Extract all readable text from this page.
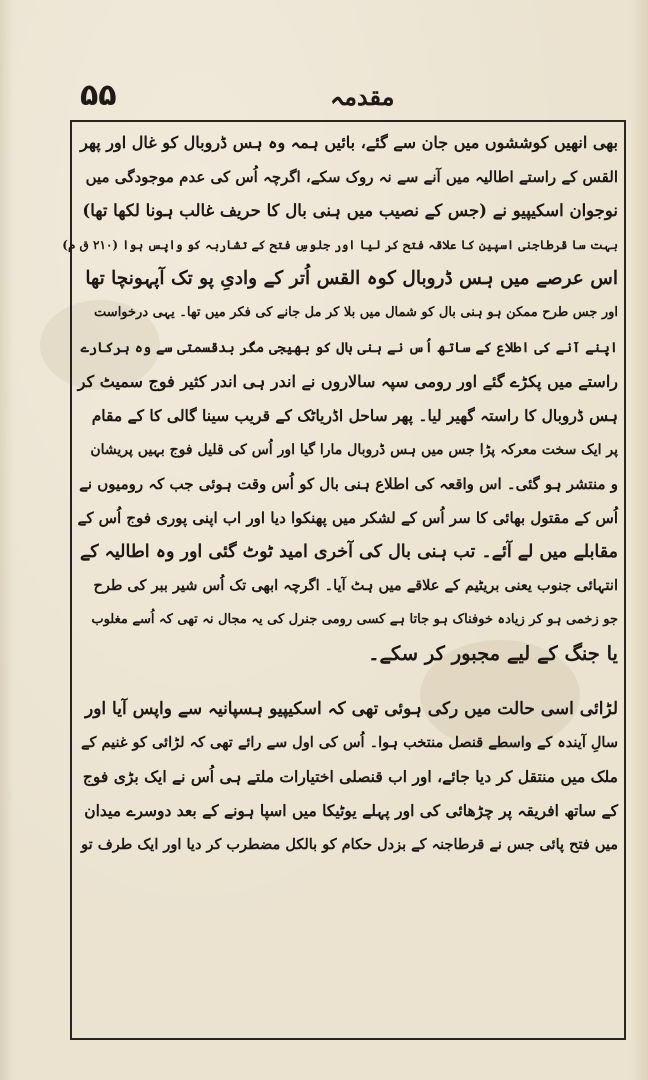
۵۵	مقدمہ
بھی انھیں کوششوں میں جان سے گئے، بائیں ہمہ وہ ہس ڈروبال کو غال اور پھر
القس کے راستے اطالیہ میں آنے سے نہ روک سکے، اگرچہ اُس کی عدم موجودگی میں
نوجوان اسکیپیو نے (جس کے نصیب میں ہنی بال کا حریف غالب ہونا لکھا تھا)
بہت سا قرطاجنی اسپین کا علاقہ فتح کر لیا اور جلوسِ فتح کے تشاربہ کو واپس ہوا (۲۱۰ ق م)
اس عرصے میں ہس ڈروبال کوہ القس اُتر کے وادیِ پو تک آپہونچا تھا
اور جس طرح ممکن ہو ہنی بال کو شمال میں بلا کر مل جانے کی فکر میں تھا۔ یہی درخواست
اپنے آنے کی اطلاع کے ساتھ اُس نے ہنی بال کو بھیجی مگر بدقسمتی سے وہ ہرکارے
راستے میں پکڑے گئے اور رومی سپہ سالاروں نے اندر ہی اندر کثیر فوج سمیٹ کر
ہس ڈروبال کا راستہ گھیر لیا۔ پھر ساحل اڈریاٹک کے قریب سینا گالی کا کے مقام
پر ایک سخت معرکہ پڑا جس میں ہس ڈروبال مارا گیا اور اُس کی قلیل فوج بہیں پریشان
و منتشر ہو گئی۔ اس واقعہ کی اطلاع ہنی بال کو اُس وقت ہوئی جب کہ رومیوں نے
اُس کے مقتول بھائی کا سر اُس کے لشکر میں پھنکوا دیا اور اب اپنی پوری فوج اُس کے
مقابلے میں لے آئے۔ تب ہنی بال کی آخری امید ٹوٹ گئی اور وہ اطالیہ کے
انتہائی جنوب یعنی بریٹیم کے علاقے میں ہٹ آیا۔ اگرچہ ابھی تک اُس شیر ببر کی طرح
جو زخمی ہو کر زیادہ خوفناک ہو جاتا ہے کسی رومی جنرل کی یہ مجال نہ تھی کہ اُسے مغلوب
یا جنگ کے لیے مجبور کر سکے۔
لڑائی اسی حالت میں رکی ہوئی تھی کہ اسکیپیو ہسپانیہ سے واپس آیا اور
سالِ آیندہ کے واسطے قنصل منتخب ہوا۔ اُس کی اول سے رائے تھی کہ لڑائی کو غنیم کے
ملک میں منتقل کر دیا جائے، اور اب قنصلی اختیارات ملتے ہی اُس نے ایک بڑی فوج
کے ساتھ افریقہ پر چڑھائی کی اور پہلے یوٹیکا میں اسپا ہونے کے بعد دوسرے میدان
میں فتح پائی جس نے قرطاجنہ کے بزدل حکام کو بالکل مضطرب کر دیا اور ایک طرف تو
